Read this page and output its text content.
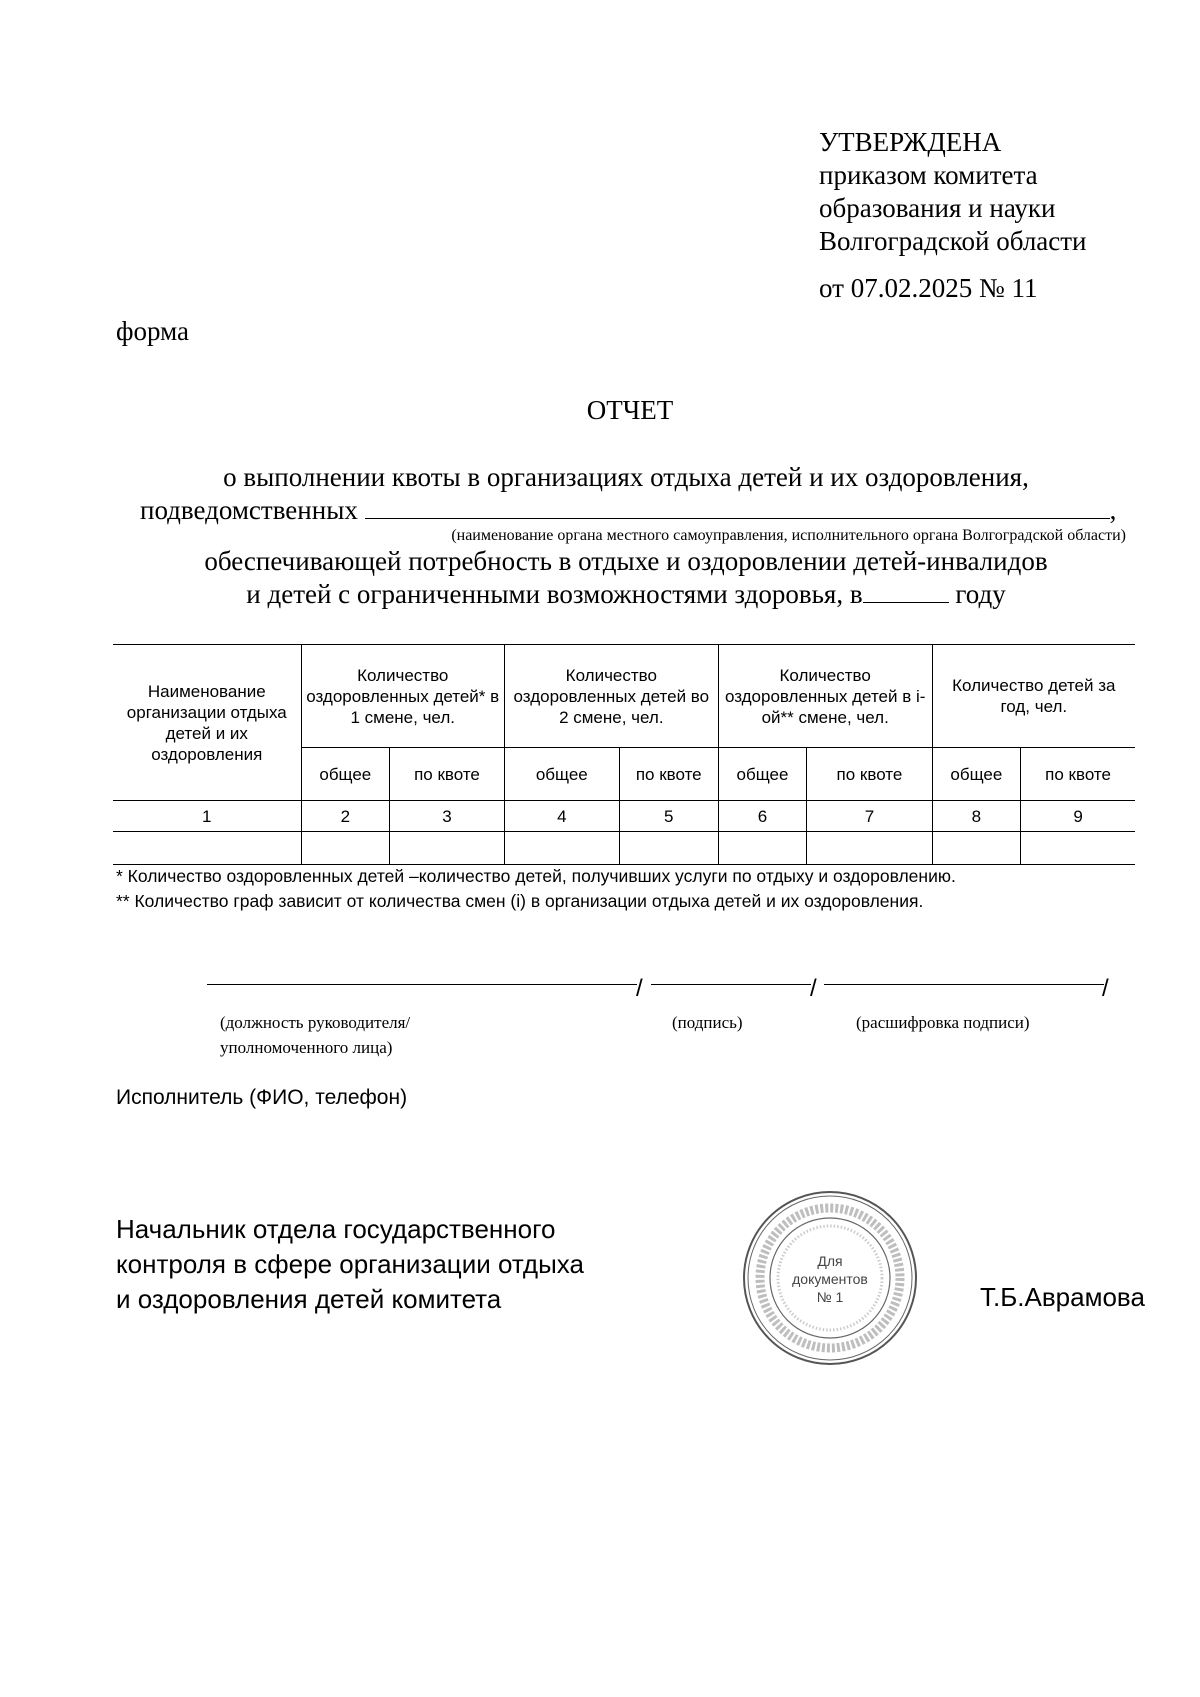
УТВЕРЖДЕНА
приказом комитета
образования и науки
Волгоградской области
от 07.02.2025 № 11
форма
ОТЧЕТ
о выполнении квоты в организациях отдыха детей и их оздоровления,
подведомственных	,
(наименование органа местного самоуправления, исполнительного органа Волгоградской области)
обеспечивающей потребность в отдыхе и оздоровлении детей-инвалидов
и детей с ограниченными возможностями здоровья, в	году
Наименование организации отдыха детей и их оздоровления	Количество оздоровленных детей* в 1 смене, чел.		Количество оздоровленных детей во 2 смене, чел.		Количество оздоровленных детей в i-ой** смене, чел.		Количество детей за год, чел.	
	общее	по квоте	общее	по квоте	общее	по квоте	общее	по квоте
1	2	3	4	5	6	7	8	9

* Количество оздоровленных детей –количество детей, получивших услуги по отдыху и оздоровлению.
** Количество граф зависит от количества смен (i) в организации отдыха детей и их оздоровления.
/	/	/
(должность руководителя/
уполномоченного лица)
(подпись)	(расшифровка подписи)
Исполнитель (ФИО, телефон)
Начальник отдела государственного
контроля в сфере организации отдыха
и оздоровления детей комитета
Для
документов
№ 1	Т.Б.Аврамова
